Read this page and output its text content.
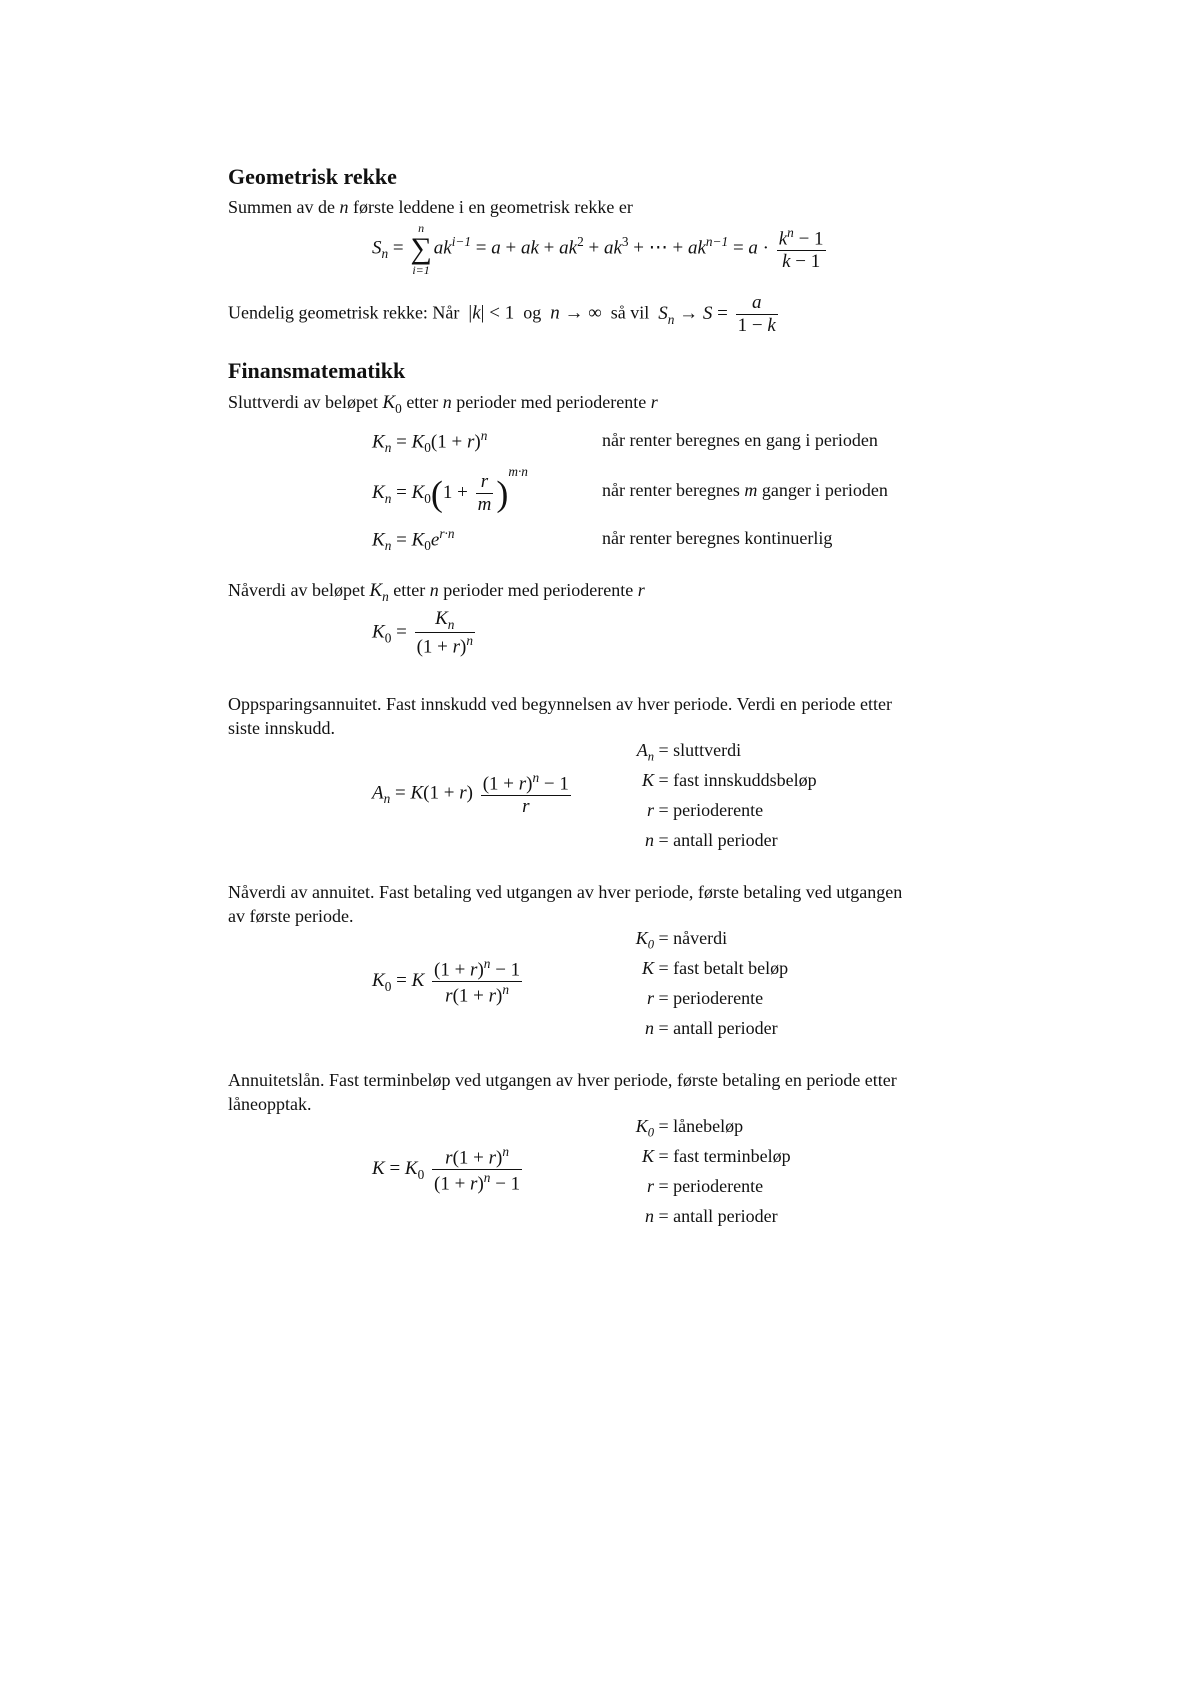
Geometrisk rekke
Summen av de n første leddene i en geometrisk rekke er
$S_n$ =
n
∑
i=1
$ak^{i-1} = a$ + ak + $ak^2 + ak^3$ + ⋯ + $ak^{n-1} = a \cdot \frac{k^n - 1}{k - 1}$
Uendelig geometrisk rekke: Når |k| < 1 og n → ∞ så vil $S_n \to S = \frac{a}{1 - k}$
Finansmatematikk
Sluttverdi av beløpet $K_0$ etter n perioder med perioderente r
$K_n = K_0(1 + r)^n$	når renter beregnes en gang i perioden
$K_n = K_0(1 + \frac{r}{m} )^{m\cdot n}$
når renter beregnes m ganger i perioden
$K_n = K_0e^{r\cdot n}$	når renter beregnes kontinuerlig
Nåverdi av beløpet $K_n$ etter n perioder med perioderente r
$K_0 = \frac{K_n}{(1 + r)^n}$
Oppsparingsannuitet. Fast innskudd ved begynnelsen av hver periode. Verdi en periode etter
siste innskudd.
$A_n = K(1 + r) \frac{(1 + r)^n - 1}{r}$
$A_n$ = sluttverdi
K = fast innskuddsbeløp
r = perioderente
n = antall perioder
Nåverdi av annuitet. Fast betaling ved utgangen av hver periode, første betaling ved utgangen
av første periode.
$K_0 = K \frac{(1 + r)^n - 1}{r(1 + r)^n}$
$K_0$ = nåverdi
K = fast betalt beløp
r = perioderente
n = antall perioder
Annuitetslån. Fast terminbeløp ved utgangen av hver periode, første betaling en periode etter
låneopptak.
$K = K_0 \frac{r(1 + r)^n}{(1 + r)^n - 1}$
$K_0$ = lånebeløp
K = fast terminbeløp
r = perioderente
n = antall perioder
